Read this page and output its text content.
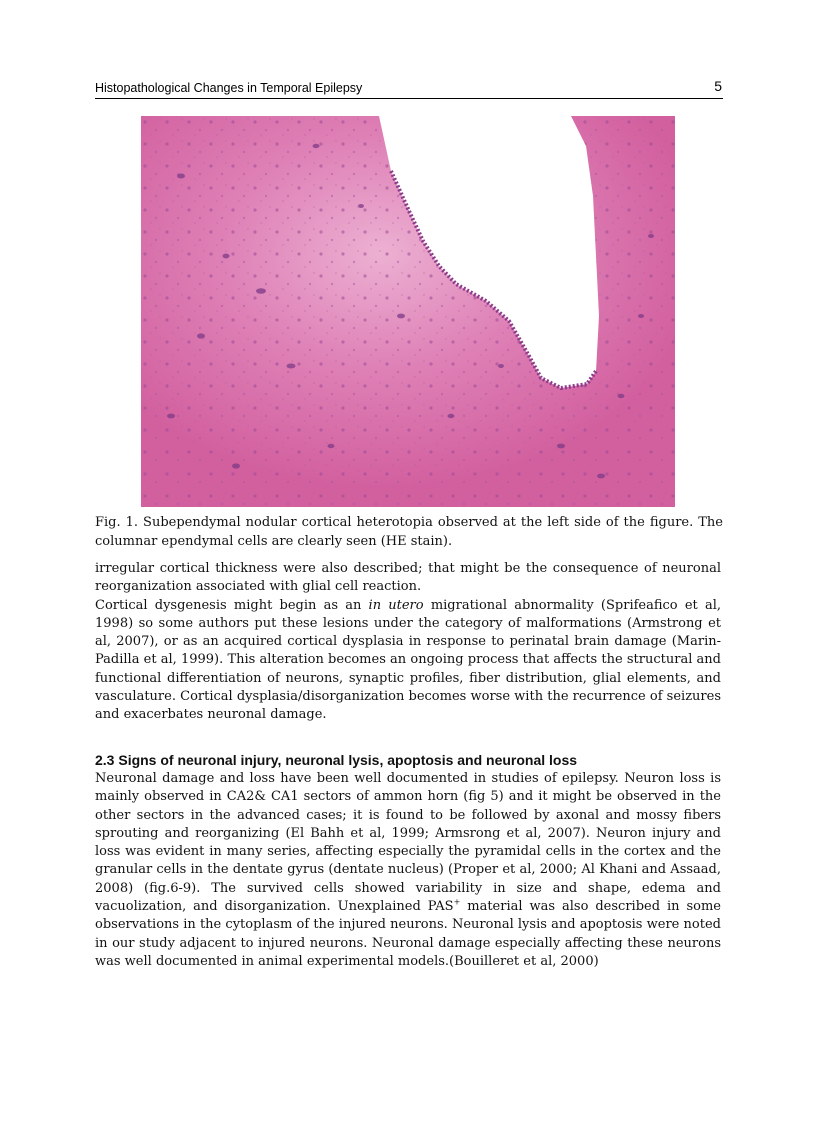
Histopathological Changes in Temporal Epilepsy	5
Fig. 1. Subependymal nodular cortical heterotopia observed at the left side of the figure. The columnar ependymal cells are clearly seen (HE stain).

irregular cortical thickness were also described; that might be the consequence of neuronal reorganization associated with glial cell reaction.

Cortical dysgenesis might begin as an in utero migrational abnormality (Sprifeafico et al, 1998) so some authors put these lesions under the category of malformations (Armstrong et al, 2007), or as an acquired cortical dysplasia in response to perinatal brain damage (Marin-Padilla et al, 1999). This alteration becomes an ongoing process that affects the structural and functional differentiation of neurons, synaptic profiles, fiber distribution, glial elements, and vasculature. Cortical dysplasia/disorganization becomes worse with the recurrence of seizures and exacerbates neuronal damage.

2.3 Signs of neuronal injury, neuronal lysis, apoptosis and neuronal loss

Neuronal damage and loss have been well documented in studies of epilepsy. Neuron loss is mainly observed in CA2& CA1 sectors of ammon horn (fig 5) and it might be observed in the other sectors in the advanced cases; it is found to be followed by axonal and mossy fibers sprouting and reorganizing (El Bahh et al, 1999; Armsrong et al, 2007). Neuron injury and loss was evident in many series, affecting especially the pyramidal cells in the cortex and the granular cells in the dentate gyrus (dentate nucleus) (Proper et al, 2000; Al Khani and Assaad, 2008) (fig.6-9). The survived cells showed variability in size and shape, edema and vacuolization, and disorganization. Unexplained PAS+ material was also described in some observations in the cytoplasm of the injured neurons. Neuronal lysis and apoptosis were noted in our study adjacent to injured neurons. Neuronal damage especially affecting these neurons was well documented in animal experimental models.(Bouilleret et al, 2000)
